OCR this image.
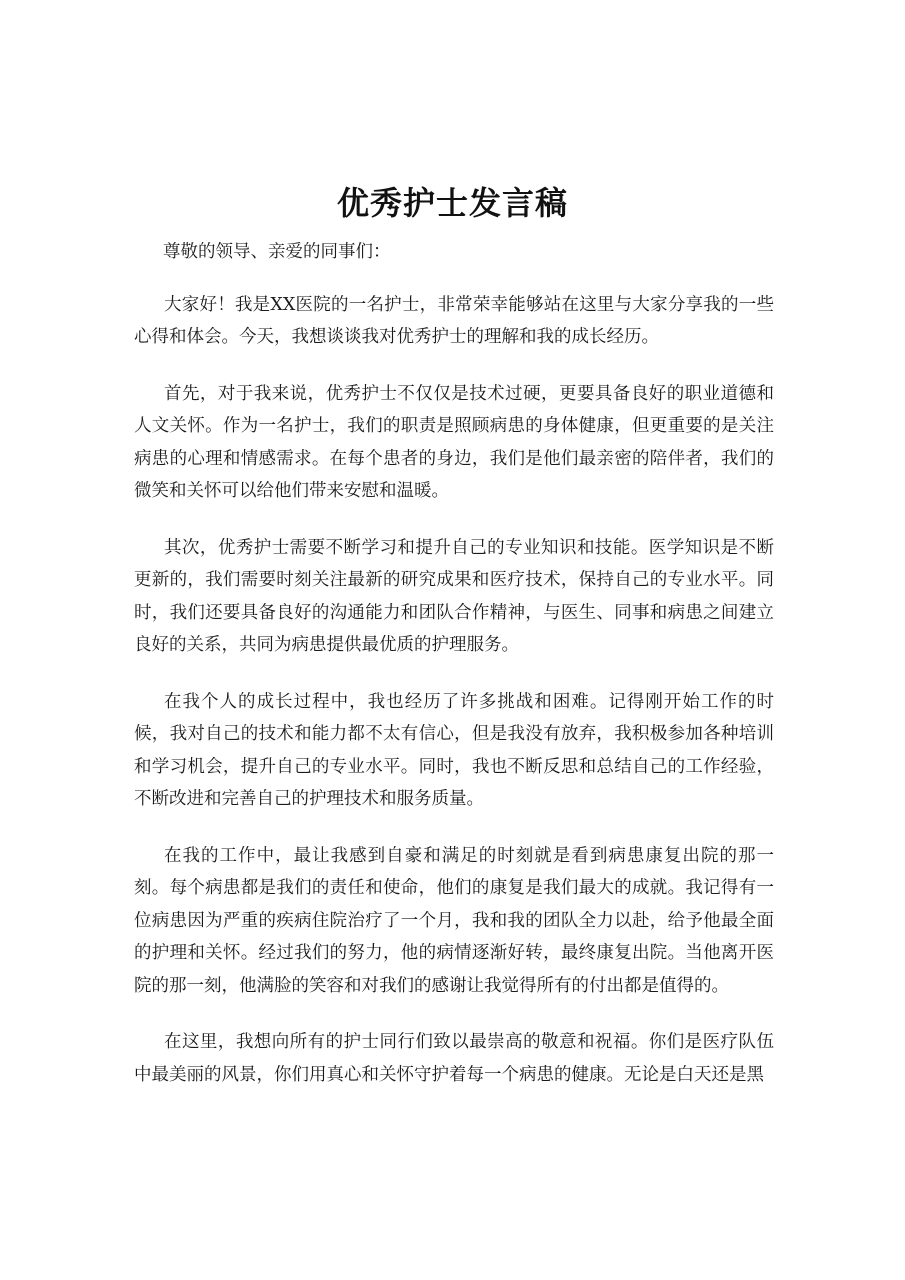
优秀护士发言稿

尊敬的领导、亲爱的同事们：

大家好！我是XX医院的一名护士，非常荣幸能够站在这里与大家分享我的一些心得和体会。今天，我想谈谈我对优秀护士的理解和我的成长经历。

首先，对于我来说，优秀护士不仅仅是技术过硬，更要具备良好的职业道德和人文关怀。作为一名护士，我们的职责是照顾病患的身体健康，但更重要的是关注病患的心理和情感需求。在每个患者的身边，我们是他们最亲密的陪伴者，我们的微笑和关怀可以给他们带来安慰和温暖。

其次，优秀护士需要不断学习和提升自己的专业知识和技能。医学知识是不断更新的，我们需要时刻关注最新的研究成果和医疗技术，保持自己的专业水平。同时，我们还要具备良好的沟通能力和团队合作精神，与医生、同事和病患之间建立良好的关系，共同为病患提供最优质的护理服务。

在我个人的成长过程中，我也经历了许多挑战和困难。记得刚开始工作的时候，我对自己的技术和能力都不太有信心，但是我没有放弃，我积极参加各种培训和学习机会，提升自己的专业水平。同时，我也不断反思和总结自己的工作经验，不断改进和完善自己的护理技术和服务质量。

在我的工作中，最让我感到自豪和满足的时刻就是看到病患康复出院的那一刻。每个病患都是我们的责任和使命，他们的康复是我们最大的成就。我记得有一位病患因为严重的疾病住院治疗了一个月，我和我的团队全力以赴，给予他最全面的护理和关怀。经过我们的努力，他的病情逐渐好转，最终康复出院。当他离开医院的那一刻，他满脸的笑容和对我们的感谢让我觉得所有的付出都是值得的。

在这里，我想向所有的护士同行们致以最崇高的敬意和祝福。你们是医疗队伍中最美丽的风景，你们用真心和关怀守护着每一个病患的健康。无论是白天还是黑
